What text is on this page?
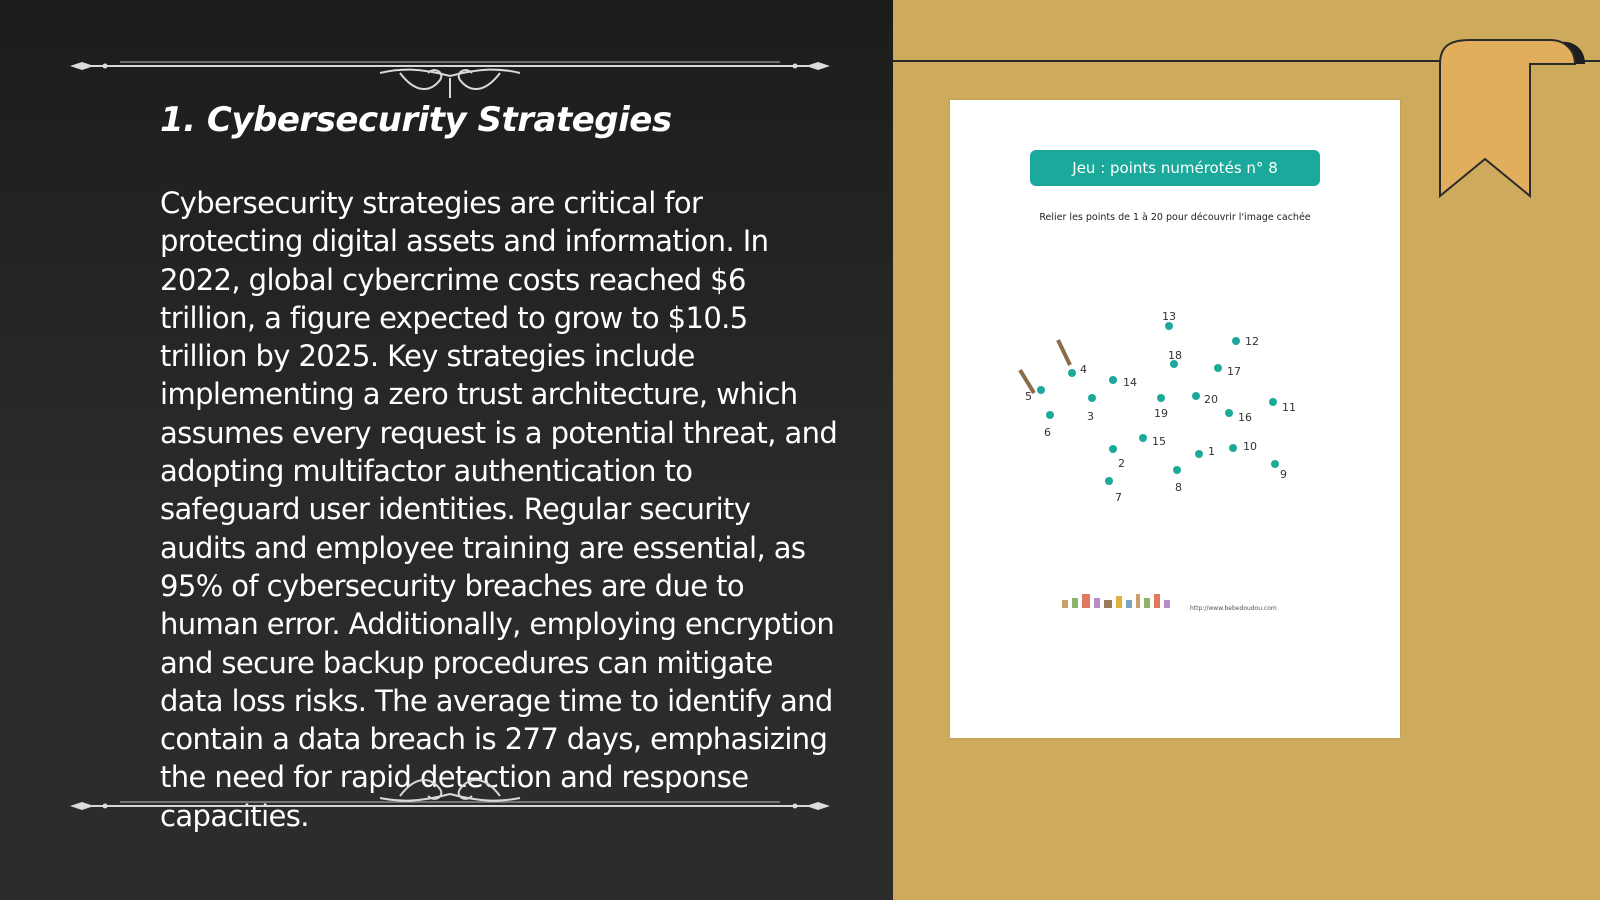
1. Cybersecurity Strategies

Cybersecurity strategies are critical for protecting digital assets and information. In 2022, global cybercrime costs reached $6 trillion, a figure expected to grow to $10.5 trillion by 2025. Key strategies include implementing a zero trust architecture, which assumes every request is a potential threat, and adopting multifactor authentication to safeguard user identities. Regular security audits and employee training are essential, as 95% of cybersecurity breaches are due to human error. Additionally, employing encryption and secure backup procedures can mitigate data loss risks. The average time to identify and contain a data breach is 277 days, emphasizing the need for rapid detection and response capacities.

Jeu : points numérotés n° 8
Relier les points de 1 à 20 pour découvrir l'image cachée
1
2
3
4
5
6
7
8
9
10
11
12
13
14
15
16
17
18
19
20
http://www.bebedoudou.com
